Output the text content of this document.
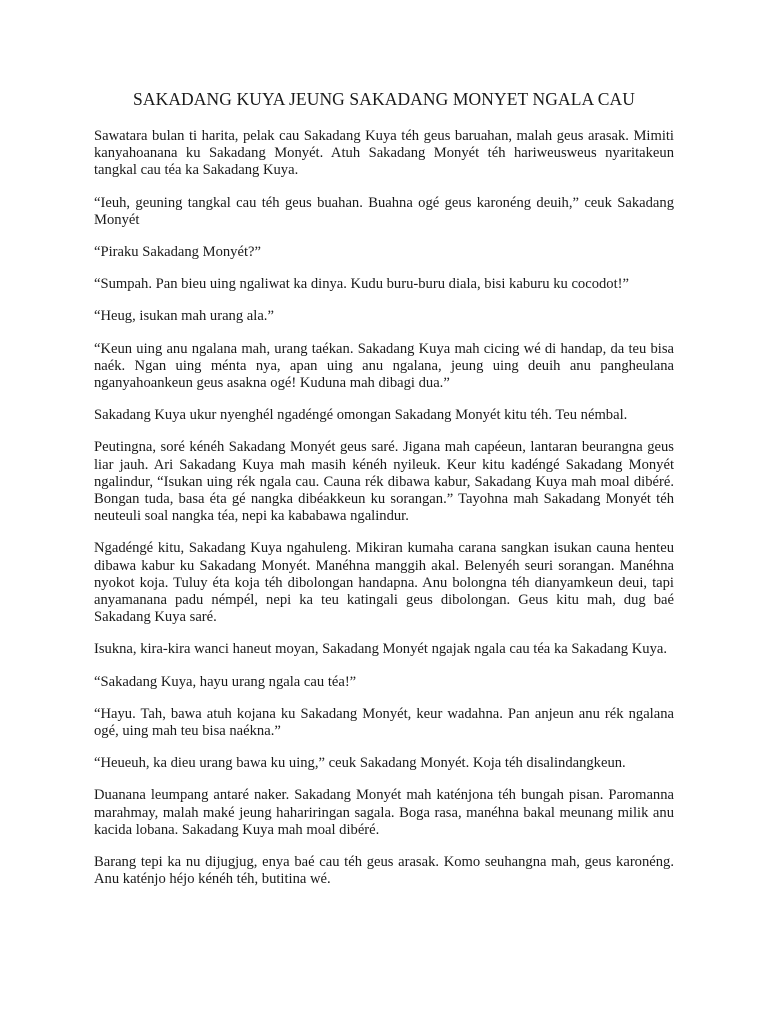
SAKADANG KUYA JEUNG SAKADANG MONYET NGALA CAU

Sawatara bulan ti harita, pelak cau Sakadang Kuya téh geus baruahan, malah geus arasak. Mimiti kanyahoanana ku Sakadang Monyét. Atuh Sakadang Monyét téh hariweusweus nyaritakeun tangkal cau téa ka Sakadang Kuya.

“Ieuh, geuning tangkal cau téh geus buahan. Buahna ogé geus karonéng deuih,” ceuk Sakadang Monyét

“Piraku Sakadang Monyét?”

“Sumpah. Pan bieu uing ngaliwat ka dinya. Kudu buru-buru diala, bisi kaburu ku cocodot!”

“Heug, isukan mah urang ala.”

“Keun uing anu ngalana mah, urang taékan. Sakadang Kuya mah cicing wé di handap, da teu bisa naék. Ngan uing ménta nya, apan uing anu ngalana, jeung uing deuih anu pangheulana nganyahoankeun geus asakna ogé! Kuduna mah dibagi dua.”

Sakadang Kuya ukur nyenghél ngadéngé omongan Sakadang Monyét kitu téh. Teu némbal.

Peutingna, soré kénéh Sakadang Monyét geus saré. Jigana mah capéeun, lantaran beurangna geus liar jauh. Ari Sakadang Kuya mah masih kénéh nyileuk. Keur kitu kadéngé Sakadang Monyét ngalindur, “Isukan uing rék ngala cau. Cauna rék dibawa kabur, Sakadang Kuya mah moal dibéré. Bongan tuda, basa éta gé nangka dibéakkeun ku sorangan.” Tayohna mah Sakadang Monyét téh neuteuli soal nangka téa, nepi ka kababawa ngalindur.

Ngadéngé kitu, Sakadang Kuya ngahuleng. Mikiran kumaha carana sangkan isukan cauna henteu dibawa kabur ku Sakadang Monyét. Manéhna manggih akal. Belenyéh seuri sorangan. Manéhna nyokot koja. Tuluy éta koja téh dibolongan handapna. Anu bolongna téh dianyamkeun deui, tapi anyamanana padu némpél, nepi ka teu katingali geus dibolongan. Geus kitu mah, dug baé Sakadang Kuya saré.

Isukna, kira-kira wanci haneut moyan, Sakadang Monyét ngajak ngala cau téa ka Sakadang Kuya.

“Sakadang Kuya, hayu urang ngala cau téa!”

“Hayu. Tah, bawa atuh kojana ku Sakadang Monyét, keur wadahna. Pan anjeun anu rék ngalana ogé, uing mah teu bisa naékna.”

“Heueuh, ka dieu urang bawa ku uing,” ceuk Sakadang Monyét. Koja téh disalindangkeun.

Duanana leumpang antaré naker. Sakadang Monyét mah katénjona téh bungah pisan. Paromanna marahmay, malah maké jeung hahariringan sagala. Boga rasa, manéhna bakal meunang milik anu kacida lobana. Sakadang Kuya mah moal dibéré.

Barang tepi ka nu dijugjug, enya baé cau téh geus arasak. Komo seuhangna mah, geus karonéng. Anu katénjo héjo kénéh téh, butitina wé.
